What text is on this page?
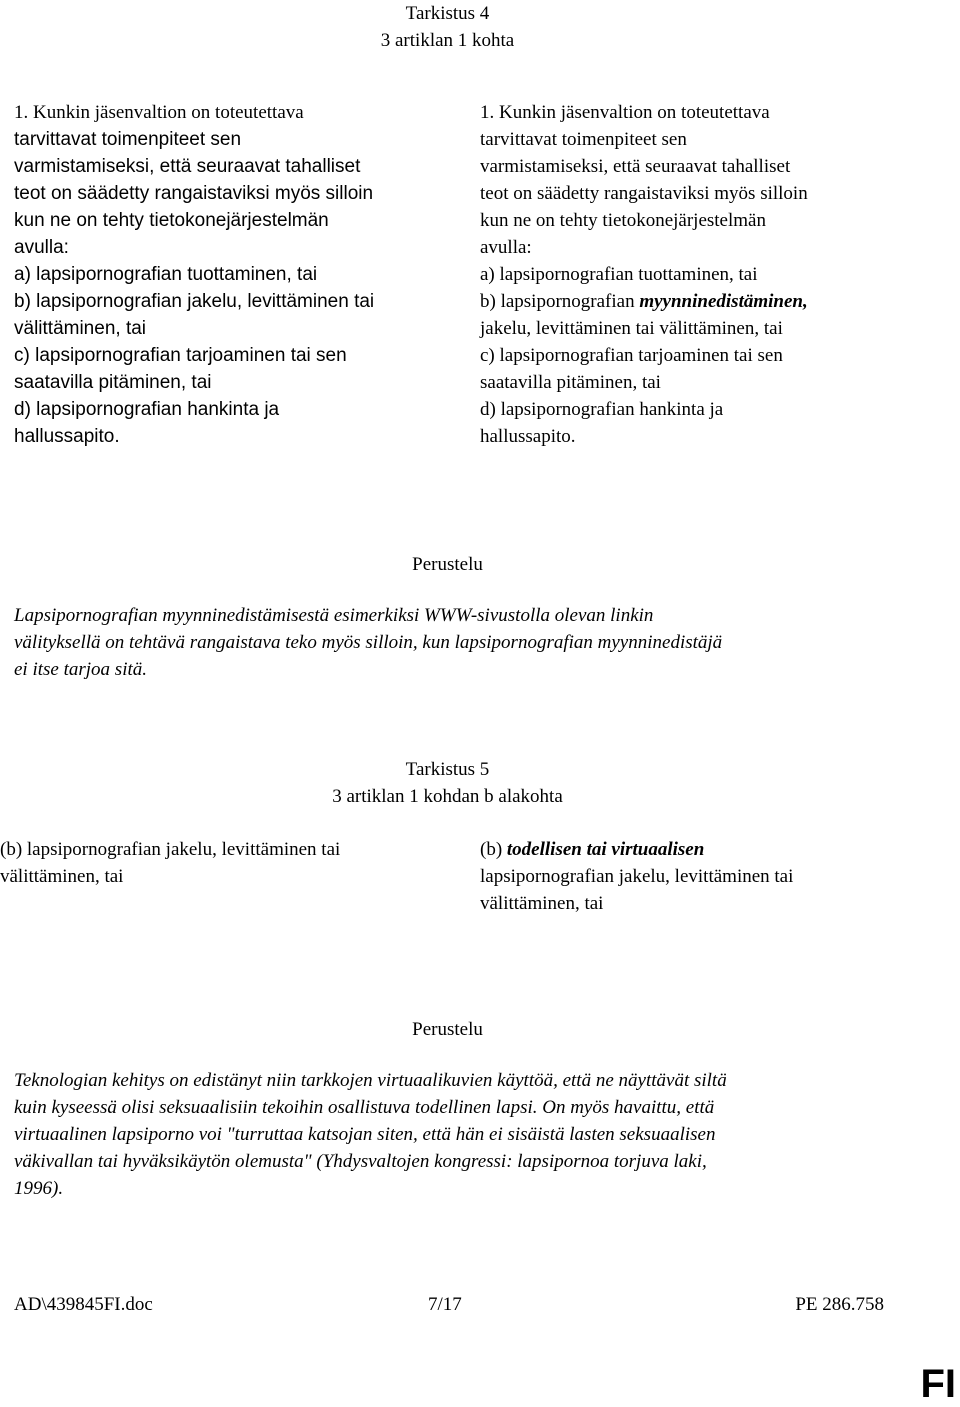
Tarkistus 4
3 artiklan 1 kohta
1. Kunkin jäsenvaltion on toteutettava
tarvittavat toimenpiteet sen
varmistamiseksi, että seuraavat tahalliset
teot on säädetty rangaistaviksi myös silloin
kun ne on tehty tietokonejärjestelmän
avulla:
a) lapsipornografian tuottaminen, tai
b) lapsipornografian jakelu, levittäminen tai
välittäminen, tai
c) lapsipornografian tarjoaminen tai sen
saatavilla pitäminen, tai
d) lapsipornografian hankinta ja
hallussapito.
1. Kunkin jäsenvaltion on toteutettava
tarvittavat toimenpiteet sen
varmistamiseksi, että seuraavat tahalliset
teot on säädetty rangaistaviksi myös silloin
kun ne on tehty tietokonejärjestelmän
avulla:
a) lapsipornografian tuottaminen, tai
b) lapsipornografian myynninedistäminen,
jakelu, levittäminen tai välittäminen, tai
c) lapsipornografian tarjoaminen tai sen
saatavilla pitäminen, tai
d) lapsipornografian hankinta ja
hallussapito.
Perustelu
Lapsipornografian myynninedistämisestä esimerkiksi WWW-sivustolla olevan linkin
välityksellä on tehtävä rangaistava teko myös silloin, kun lapsipornografian myynninedistäjä
ei itse tarjoa sitä.
Tarkistus 5
3 artiklan 1 kohdan b alakohta
(b) lapsipornografian jakelu, levittäminen tai
välittäminen, tai
(b) todellisen tai virtuaalisen
lapsipornografian jakelu, levittäminen tai
välittäminen, tai
Perustelu
Teknologian kehitys on edistänyt niin tarkkojen virtuaalikuvien käyttöä, että ne näyttävät siltä
kuin kyseessä olisi seksuaalisiin tekoihin osallistuva todellinen lapsi. On myös havaittu, että
virtuaalinen lapsiporno voi "turruttaa katsojan siten, että hän ei sisäistä lasten seksuaalisen
väkivallan tai hyväksikäytön olemusta" (Yhdysvaltojen kongressi: lapsipornoa torjuva laki,
1996).
AD\439845FI.doc	7/17	PE 286.758
FI
